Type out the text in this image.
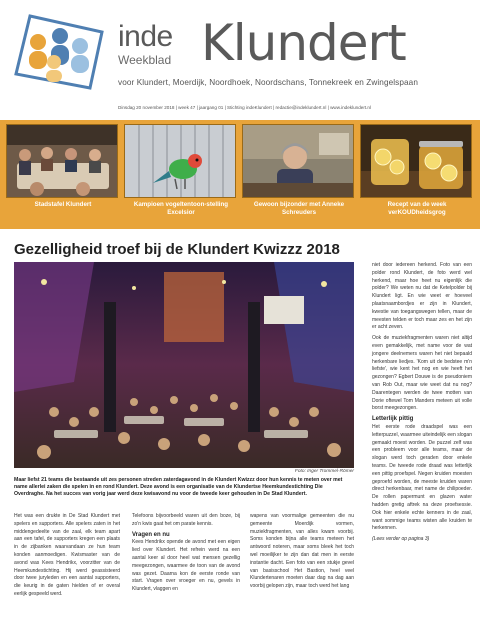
inde
Weekblad Klundert
voor Klundert, Moerdijk, Noordhoek, Noordschans, Tonnekreek en Zwingelspaan
Dinsdag 20 november 2018 | week 47 | jaargang 01 | Stichting indeKlundert | redactie@indeklundert.nl | www.indeklundert.nl
Stadstafel Klundert	Kampioen vogeltentoon-stelling Excelsior
Gewoon bijzonder met Anneke Schreuders
Recept van de week verKOUDheidsgrog
Gezelligheid troef bij de Klundert Kwizzz 2018
Foto: Inger Trommel-Römer
Maar liefst 21 teams die bestaande uit zes personen streden zaterdagavond in de Klundert Kwizzz door hun kennis te meten over met name allerlei zaken die spelen in en rond Klundert. Deze avond is een organisatie van de Klundertse Heemkundestichting Die Overdraghe. Na het succes van vorig jaar werd deze kwisavond nu voor de tweede keer gehouden in De Stad Klundert.

Het was een drukte in De Stad Klundert met spelers en supporters. Alle spelers zaten in het middengedeelte van de zaal, elk team apart aan een tafel, de supporters kregen een plaats in de zijbanken waarvandaan ze hun team konden aanmoedigen. Kwismaster van de avond was Kees Hendrikx, voorzitter van de Heemkundestichting. Hij werd geassisteerd door twee juryleden en een aantal supporters, die keurig in de gaten hielden of er overal eerlijk gespeeld werd.

Telefoons bijvoorbeeld waren uit den boze, bij zo'n kwis gaat het om parate kennis.

Vragen en nu

Kees Hendrikx opende de avond met een eigen lied over Klundert. Het refrein werd na een aantal keer al door heel wat mensen gezellig meegezongen, waarmee de toon van de avond was gezet. Daarna kon de eerste ronde van start. Vragen over vroeger en nu, gevels in Klundert, vlaggen en

wapens van voormalige gemeenten die nu gemeente Moerdijk vormen, muziekfragmenten, van alles kwam voorbij. Soms konden bijna alle teams meteen het antwoord noteren, maar soms bleek het toch wel moeilijker te zijn dan dat men in eerste instantie dacht. Een foto van een stukje gevel van basisschool Het Bastion, heel veel Klundertenaren moeten daar dag na dag aan voorbij gelopen zijn, maar toch werd het lang

niet door iedereen herkend. Foto van een polder rond Klundert, de foto werd wel herkend, maar hoe heet nu eigenlijk die polder? We weten nu dat de Ketelpolder bij Klundert ligt. En wie weet er hoeveel plaatsnaambordjes er zijn in Klundert, kwestie van toegangswegen tellen, maar de meesten telden er toch maar zes en het zijn er acht zeven.

Ook de muziekfragmenten waren niet altijd even gemakkelijk, met name voor de wat jongere deelnemers waren het niet bepaald herkenbare liedjes. 'Kom uit de bedstee m'n liefste', wie kent het nog en wie heeft het gezongen? Egbert Douwe is de pseudoniem van Rob Out, maar wie weet dat nu nog? Daarentegen werden de twee motten van Dorie oftewel Tom Manders meteen uit volle borst meegezongen.

Letterlijk pittig

Het eerste rode draadspel was een letterpuzzel, waarmee uiteindelijk een slogan gemaakt moest worden. De puzzel zelf was een probleem voor alle teams, maar de slogan werd toch geraden door enkele teams. De tweede rode draad was letterlijk een pittig proefspel. Negen kruiden moesten geproefd worden, de meeste kruiden waren direct herkenbaar, met name de chilipoeder. De rollen papermunt en glazen water hadden gretig aftrek na deze proefsessie. Ook hier enkele echte kenners in de zaal, want sommige teams wisten alle kruiden te herkennen.

(Lees verder op pagina 3)
